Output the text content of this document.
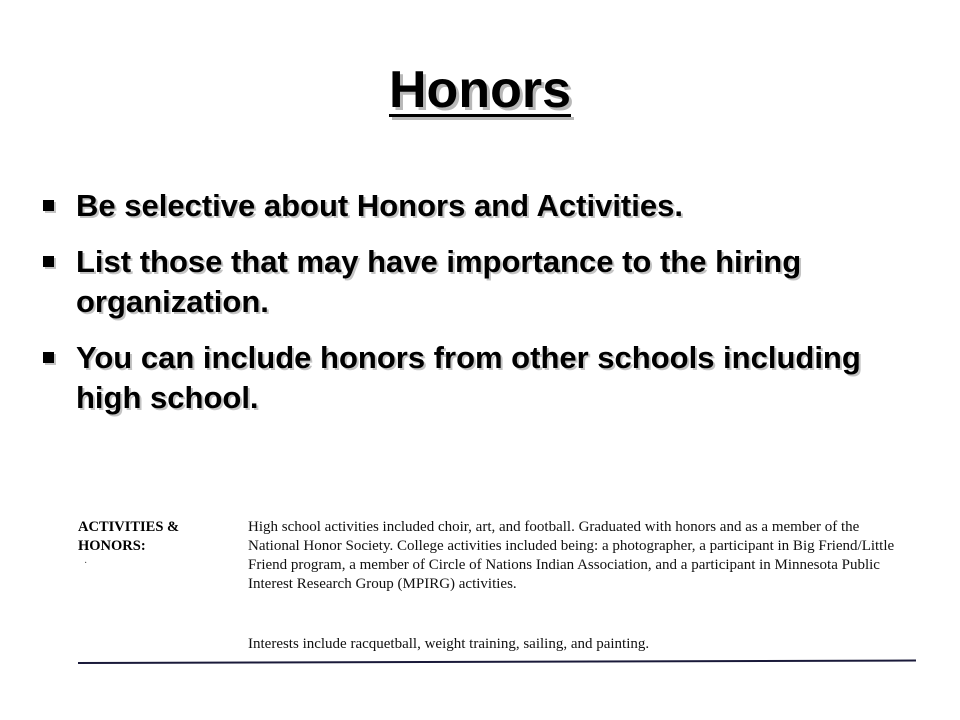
Honors
Be selective about Honors and Activities.
List those that may have importance to the hiring organization.
You can include honors from other schools including high school.
ACTIVITIES &
HONORS:
·
High school activities included choir, art, and football. Graduated with honors and as a member of the National Honor Society. College activities included being: a photographer, a participant in Big Friend/Little Friend program, a member of Circle of Nations Indian Association, and a participant in Minnesota Public Interest Research Group (MPIRG) activities.
Interests include racquetball, weight training, sailing, and painting.
